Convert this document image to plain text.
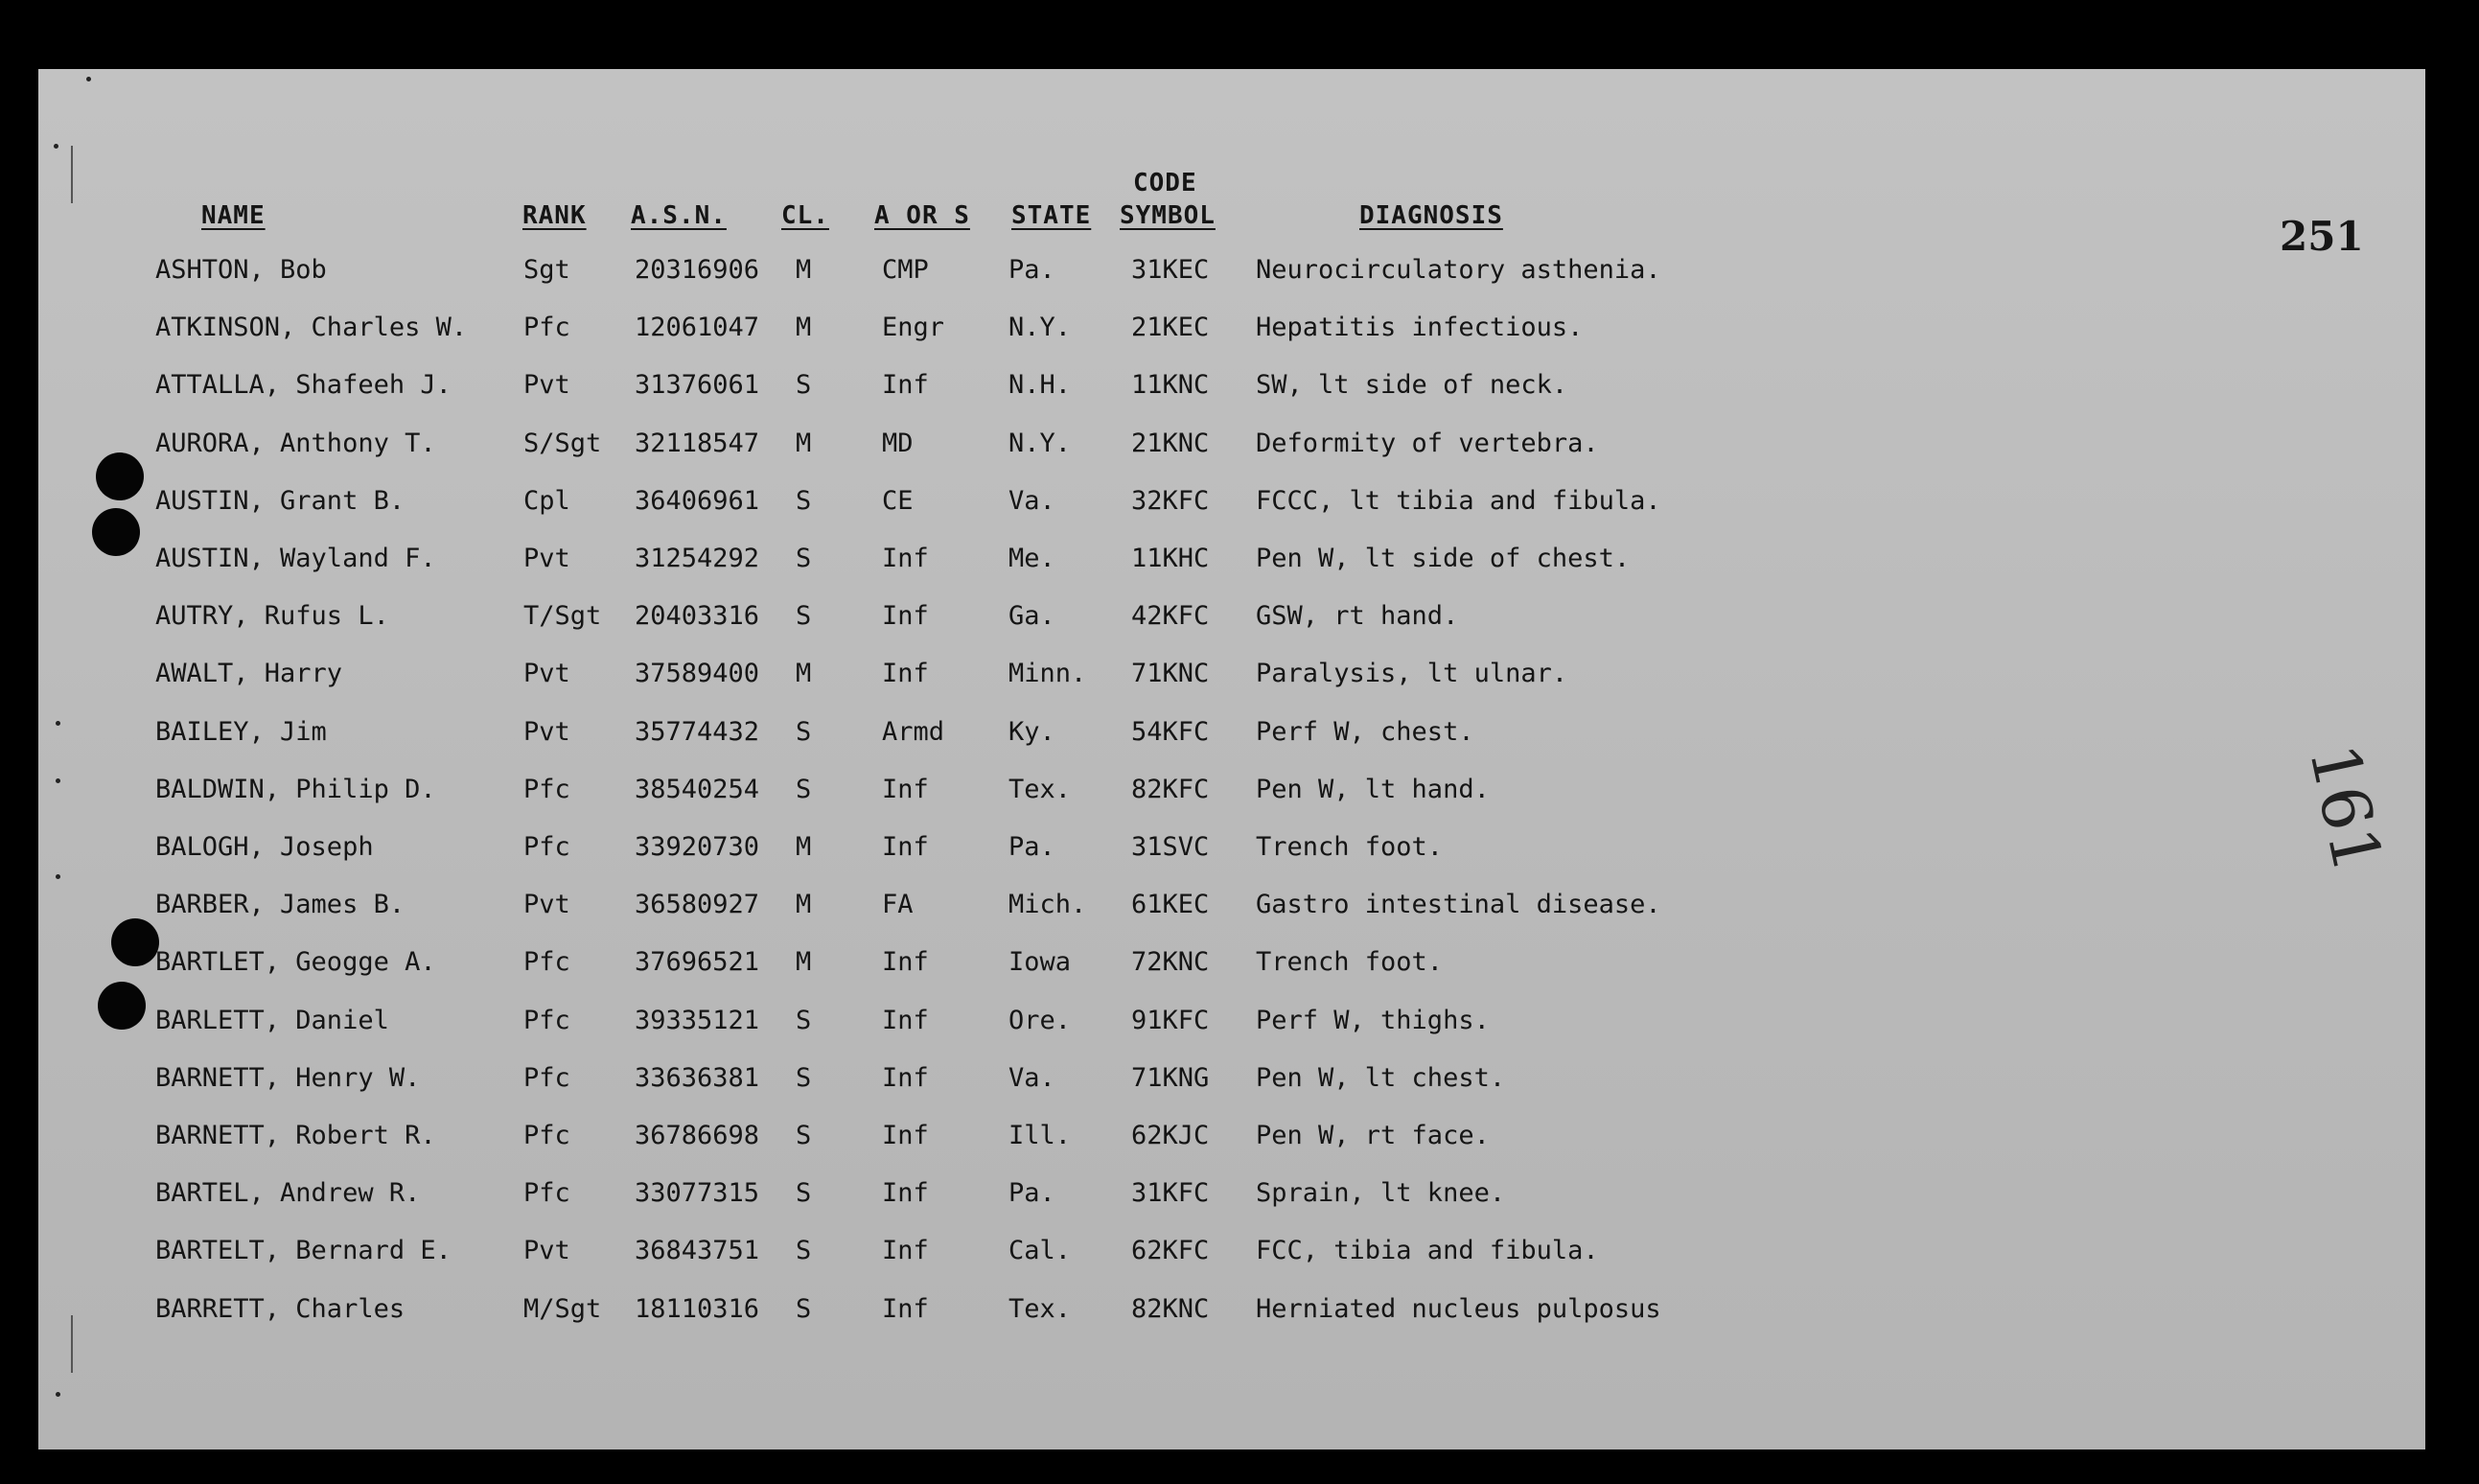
NAME	RANK A.S.N. CL. A OR S STATE
CODE
SYMBOL	DIAGNOSIS	251
161
ASHTON, Bob	Sgt 20316906 M	CMP	Pa.	31KEC Neurocirculatory asthenia.
ATKINSON, Charles W. Pfc 12061047 M	Engr N.Y. 21KEC Hepatitis infectious.
ATTALLA, Shafeeh J.	Pvt 31376061 S	Inf	N.H. 11KNC SW, lt side of neck.
AURORA, Anthony T.	S/Sgt 32118547 M	MD	N.Y. 21KNC Deformity of vertebra.
AUSTIN, Grant B.	Cpl 36406961 S	CE	Va.	32KFC FCCC, lt tibia and fibula.
AUSTIN, Wayland F.	Pvt 31254292 S	Inf	Me.	11KHC Pen W, lt side of chest.
AUTRY, Rufus L.	T/Sgt 20403316 S	Inf	Ga.	42KFC GSW, rt hand.
AWALT, Harry	Pvt 37589400 M	Inf	Minn. 71KNC Paralysis, lt ulnar.
BAILEY, Jim	Pvt 35774432 S	Armd Ky.	54KFC Perf W, chest.
BALDWIN, Philip D.	Pfc 38540254 S	Inf	Tex. 82KFC Pen W, lt hand.
BALOGH, Joseph	Pfc 33920730 M	Inf	Pa.	31SVC Trench foot.
BARBER, James B.	Pvt 36580927 M	FA	Mich. 61KEC Gastro intestinal disease.
BARTLET, Geogge A.	Pfc 37696521 M	Inf	Iowa 72KNC Trench foot.
BARLETT, Daniel	Pfc 39335121 S	Inf	Ore. 91KFC Perf W, thighs.
BARNETT, Henry W.	Pfc 33636381 S	Inf	Va.	71KNG Pen W, lt chest.
BARNETT, Robert R.	Pfc 36786698 S	Inf	Ill. 62KJC Pen W, rt face.
BARTEL, Andrew R.	Pfc 33077315 S	Inf	Pa.	31KFC Sprain, lt knee.
BARTELT, Bernard E.	Pvt 36843751 S	Inf	Cal. 62KFC FCC, tibia and fibula.
BARRETT, Charles	M/Sgt 18110316 S	Inf	Tex. 82KNC Herniated nucleus pulposus
